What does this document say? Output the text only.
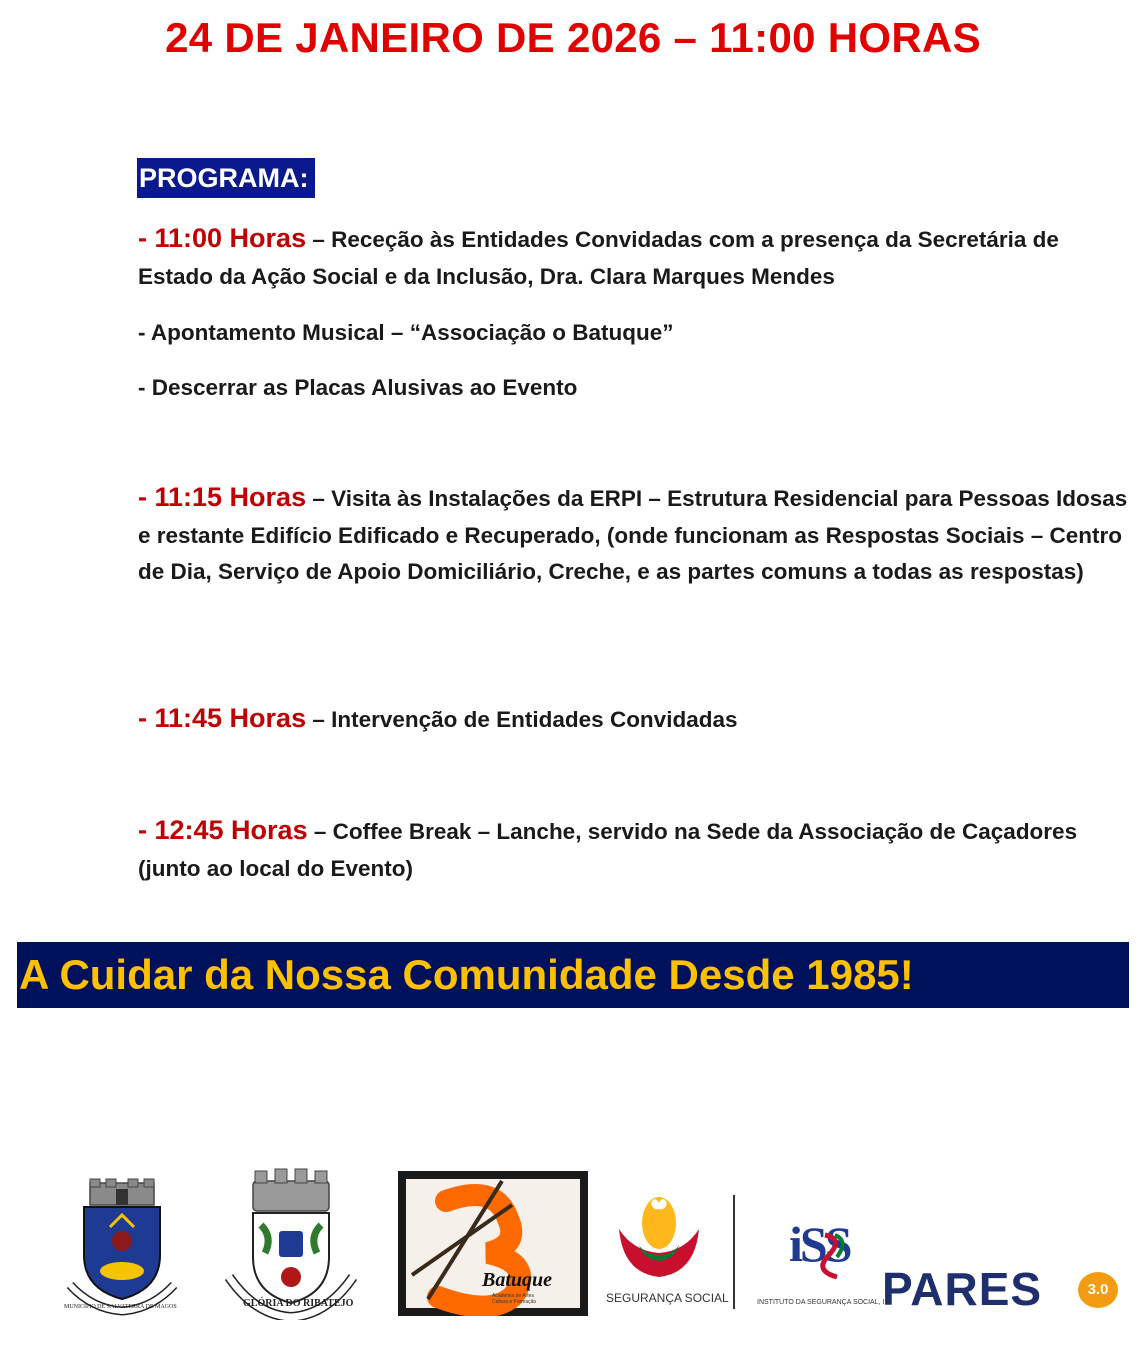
24 DE JANEIRO DE 2026 – 11:00 HORAS
PROGRAMA:
- 11:00 Horas – Receção às Entidades Convidadas com a presença da Secretária de Estado da Ação Social e da Inclusão, Dra. Clara Marques Mendes
- Apontamento Musical – “Associação o Batuque”
- Descerrar as Placas Alusivas ao Evento
- 11:15 Horas – Visita às Instalações da ERPI – Estrutura Residencial para Pessoas Idosas e restante Edifício Edificado e Recuperado, (onde funcionam as Respostas Sociais – Centro de Dia, Serviço de Apoio Domiciliário, Creche, e as partes comuns a todas as respostas)
- 11:45 Horas – Intervenção de Entidades Convidadas
- 12:45 Horas – Coffee Break – Lanche, servido na Sede da Associação de Caçadores (junto ao local do Evento)
A Cuidar da Nossa Comunidade Desde 1985!
MUNICÍPIO DE SALVATERRA DE MAGOS	GLÓRIA DO RIBATEJO
Batuque
Academia de Artes
Cultura e Formação	SEGURANÇA SOCIAL
iSS
INSTITUTO DA SEGURANÇA SOCIAL, I.P.
PARES	3.0
